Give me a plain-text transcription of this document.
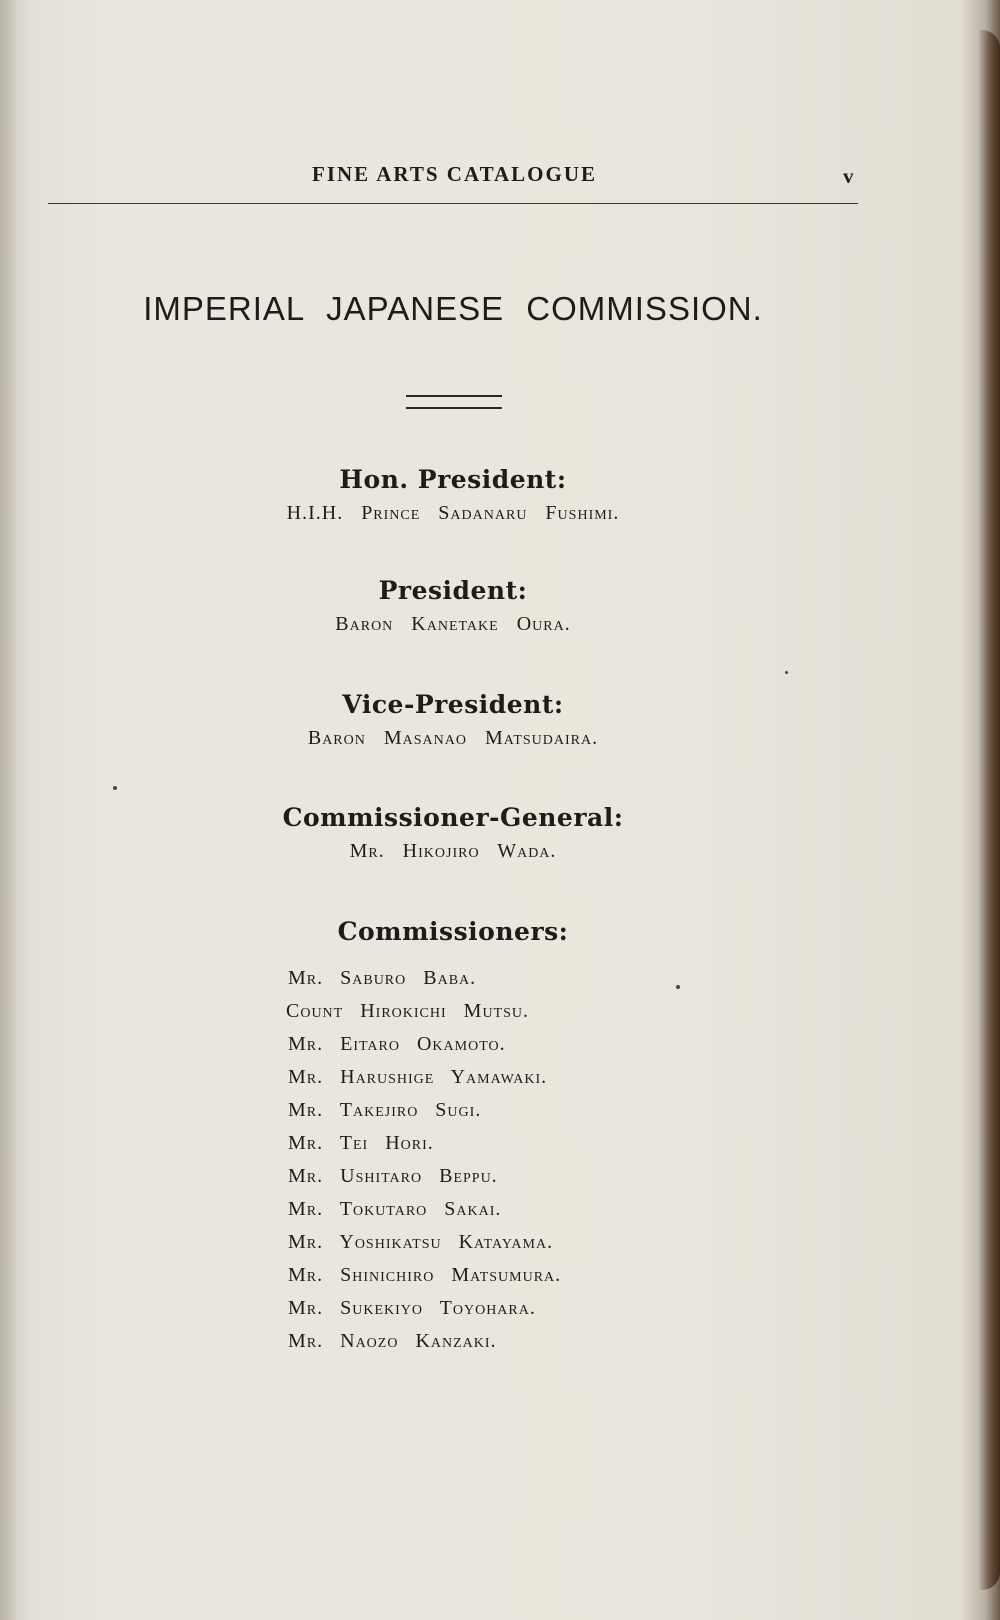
FINE ARTS CATALOGUE	v
IMPERIAL JAPANESE COMMISSION.
Hon. President:
H.I.H. Prince Sadanaru Fushimi.
President:
Baron Kanetake Oura.
Vice-President:
Baron Masanao Matsudaira.
Commissioner-General:
Mr. Hikojiro Wada.
Commissioners:
Mr. Saburo Baba.
Count Hirokichi Mutsu.
Mr. Eitaro Okamoto.
Mr. Harushige Yamawaki.
Mr. Takejiro Sugi.
Mr. Tei Hori.
Mr. Ushitaro Beppu.
Mr. Tokutaro Sakai.
Mr. Yoshikatsu Katayama.
Mr. Shinichiro Matsumura.
Mr. Sukekiyo Toyohara.
Mr. Naozo Kanzaki.
